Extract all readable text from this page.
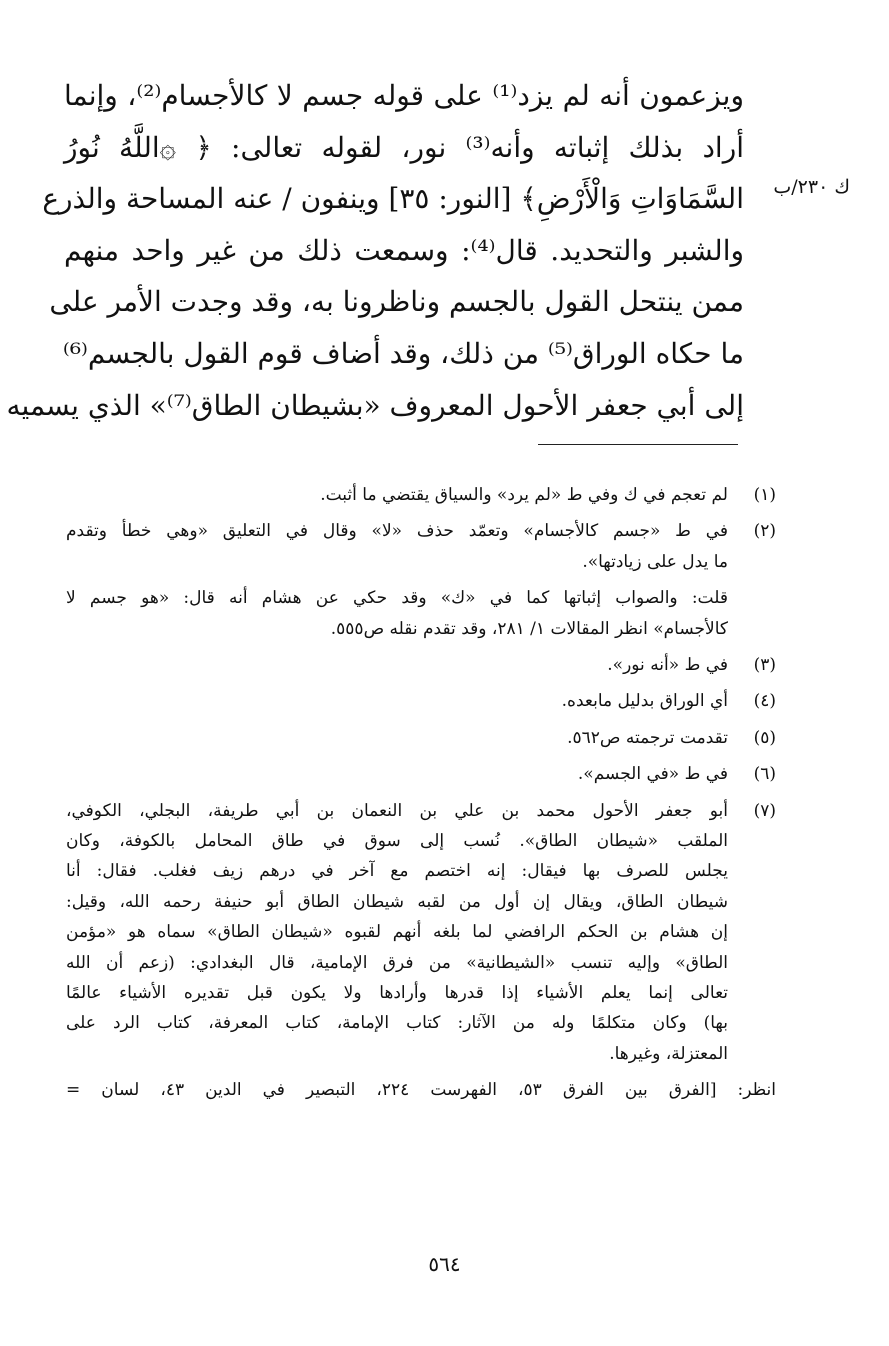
ويزعمون أنه لم يزد⁽¹⁾ على قوله جسم لا كالأجسام⁽²⁾، وإنما
أراد بذلك إثباته وأنه⁽³⁾ نور، لقوله تعالى: ﴿ ۞اللَّهُ نُورُ
السَّمَاوَاتِ وَالْأَرْضِ﴾ [النور: ٣٥] وينفون / عنه المساحة والذرع
والشبر والتحديد. قال⁽⁴⁾: وسمعت ذلك من غير واحد منهم
ممن ينتحل القول بالجسم وناظرونا به، وقد وجدت الأمر على
ما حكاه الوراق⁽⁵⁾ من ذلك، وقد أضاف قوم القول بالجسم⁽⁶⁾
إلى أبي جعفر الأحول المعروف «بشيطان الطاق⁽⁷⁾» الذي يسميه
ك ٢٣٠/ب
(١)
لم تعجم في ك وفي ط «لم يرد» والسياق يقتضي ما أثبت.
(٢)
في ط «جسم كالأجسام» وتعمّد حذف «لا» وقال في التعليق «وهي خطأ وتقدم
ما يدل على زيادتها».
قلت: والصواب إثباتها كما في «ك» وقد حكي عن هشام أنه قال: «هو جسم لا
كالأجسام» انظر المقالات ١/ ٢٨١، وقد تقدم نقله ص٥٥٥.
(٣)
في ط «أنه نور».
(٤)
أي الوراق بدليل مابعده.
(٥)
تقدمت ترجمته ص٥٦٢.
(٦)
في ط «في الجسم».
(٧)
أبو جعفر الأحول محمد بن علي بن النعمان بن أبي طريفة، البجلي، الكوفي،
الملقب «شيطان الطاق». نُسب إلى سوق في طاق المحامل بالكوفة، وكان
يجلس للصرف بها فيقال: إنه اختصم مع آخر في درهم زيف فغلب. فقال: أنا
شيطان الطاق، ويقال إن أول من لقبه شيطان الطاق أبو حنيفة رحمه الله، وقيل:
إن هشام بن الحكم الرافضي لما بلغه أنهم لقبوه «شيطان الطاق» سماه هو «مؤمن
الطاق» وإليه تنسب «الشيطانية» من فرق الإمامية، قال البغدادي: (زعم أن الله
تعالى إنما يعلم الأشياء إذا قدرها وأرادها ولا يكون قبل تقديره الأشياء عالمًا
بها) وكان متكلمًا وله من الآثار: كتاب الإمامة، كتاب المعرفة، كتاب الرد على
المعتزلة، وغيرها.
انظر: [الفرق بين الفرق ٥٣، الفهرست ٢٢٤، التبصير في الدين ٤٣، لسان =
٥٦٤
